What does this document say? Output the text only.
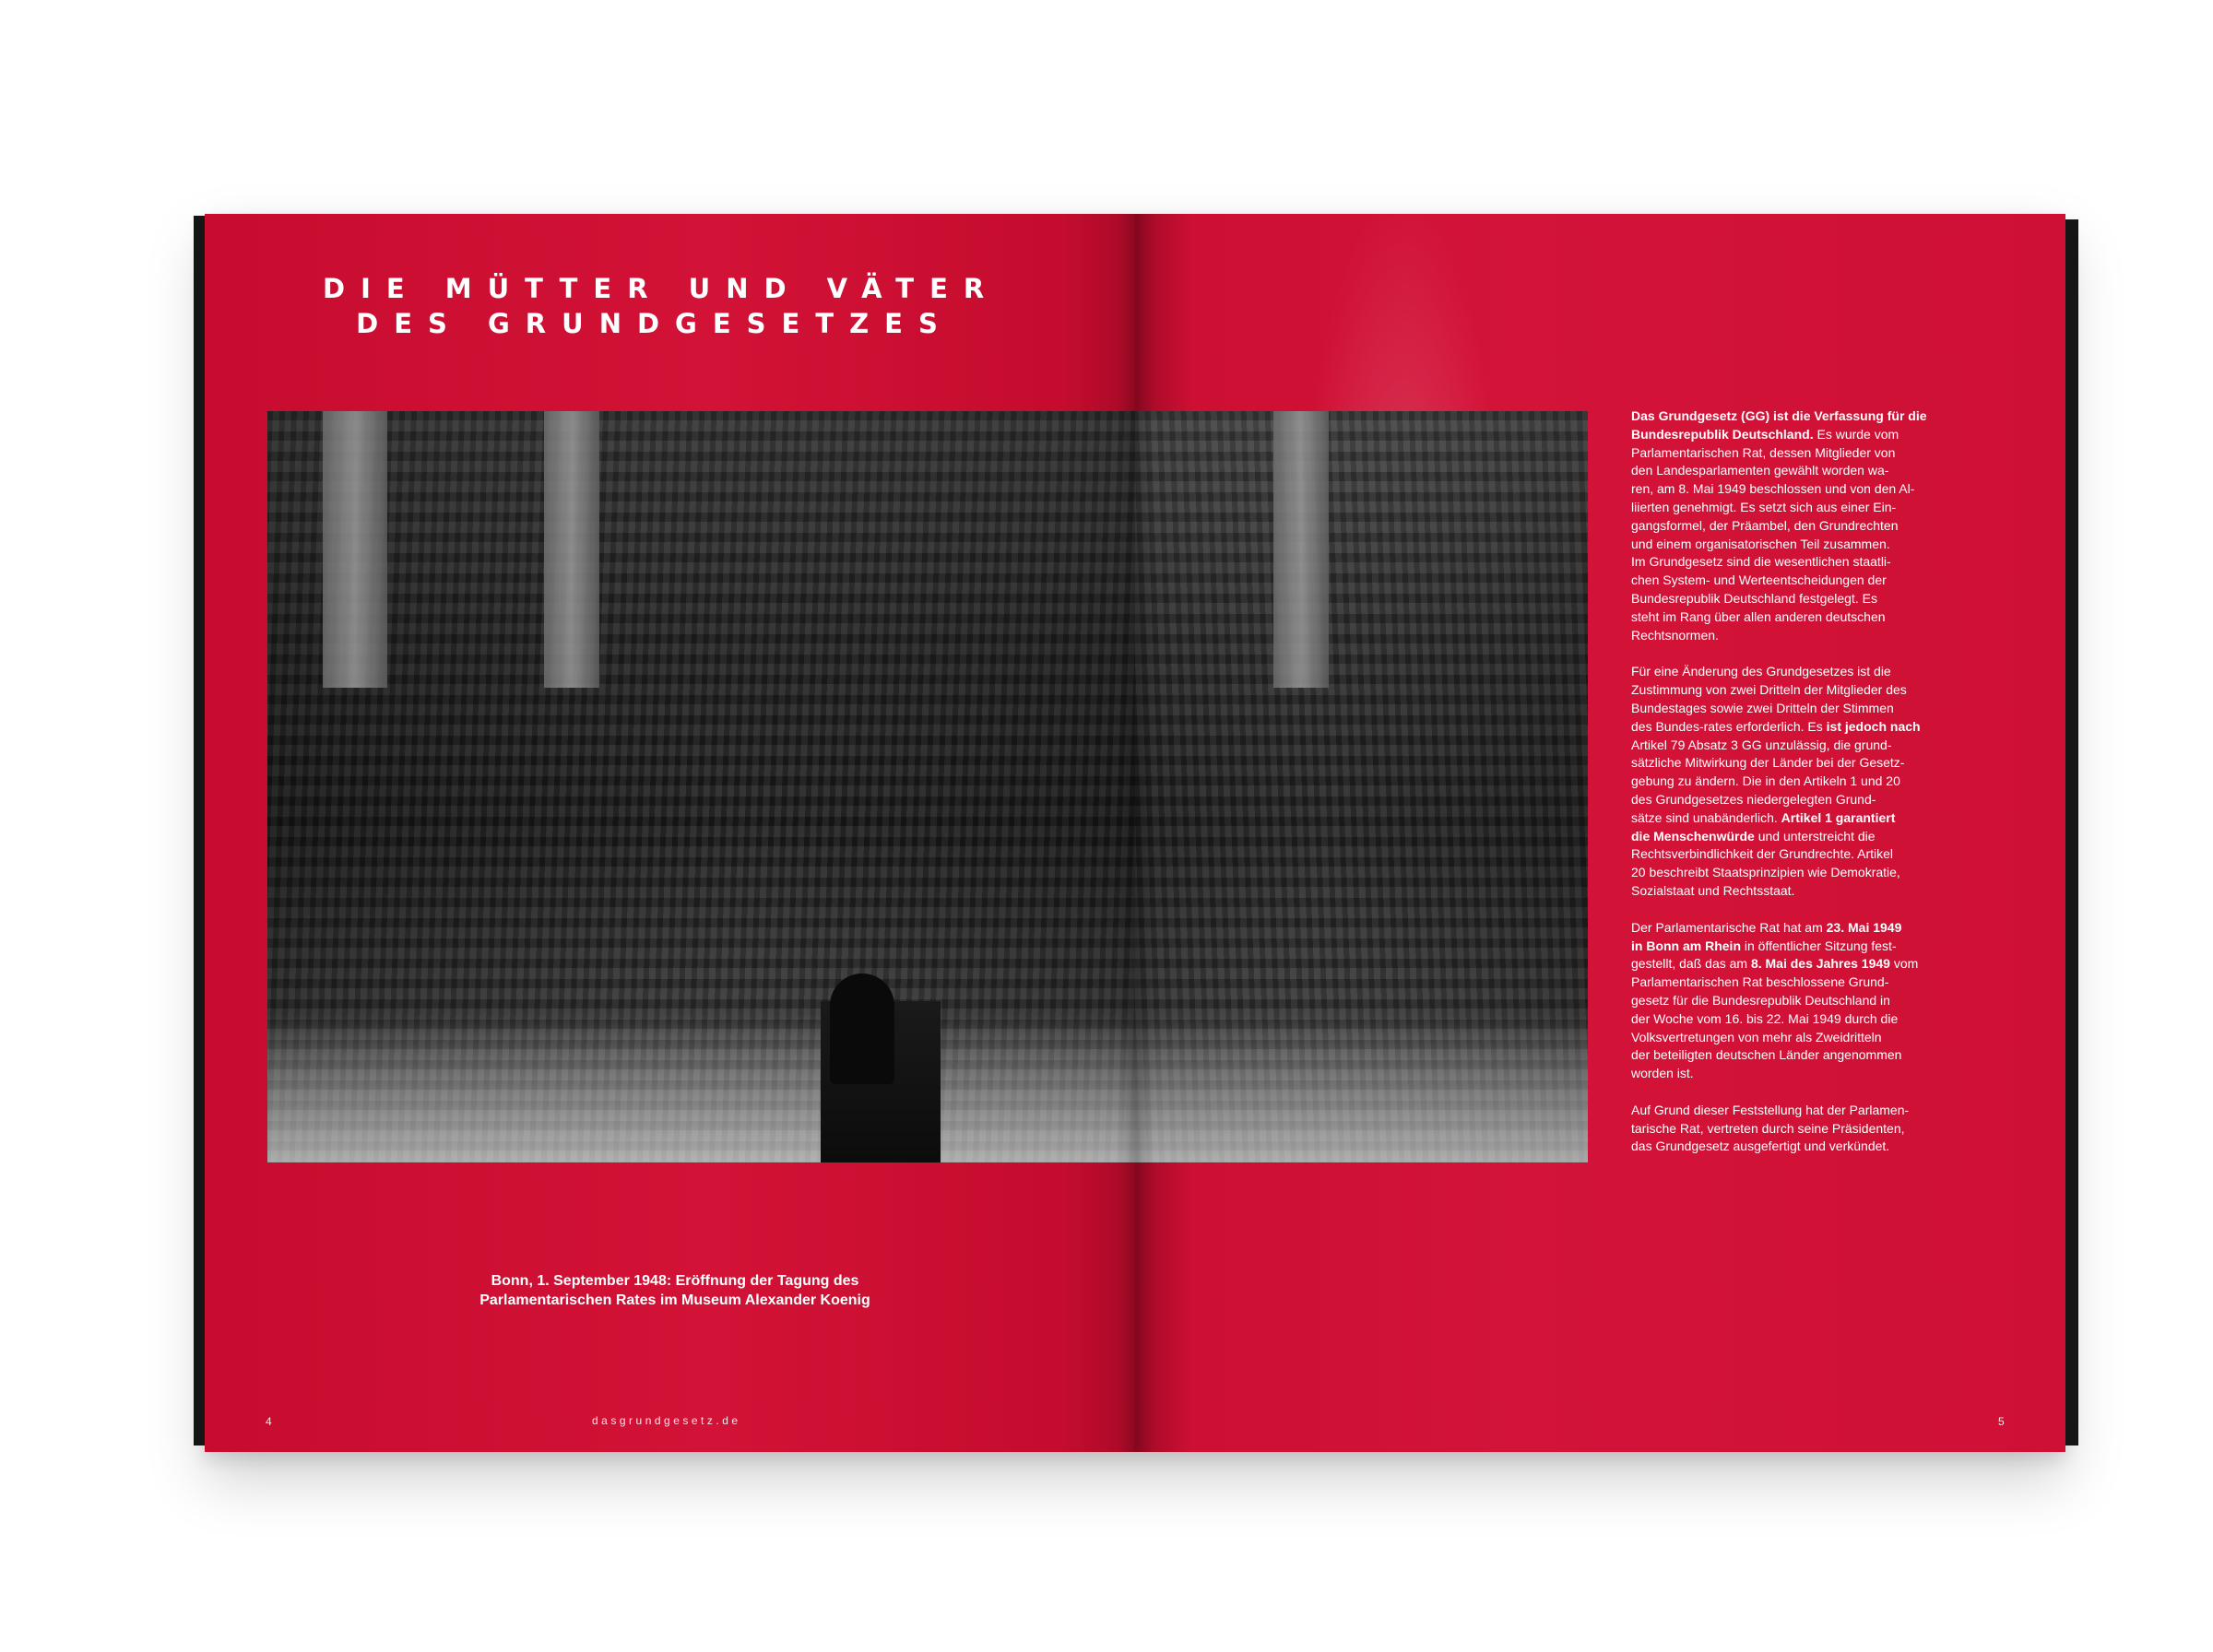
DIE MÜTTER UND VÄTER
DES GRUNDGESETZES
Bonn, 1. September 1948: Eröffnung der Tagung des
Parlamentarischen Rates im Museum Alexander Koenig
4	dasgrundgesetz.de
Das Grundgesetz (GG) ist die Verfassung für die
Bundesrepublik Deutschland. Es wurde vom
Parlamentarischen Rat, dessen Mitglieder von
den Landesparlamenten gewählt worden wa-
ren, am 8. Mai 1949 beschlossen und von den Al-
liierten genehmigt. Es setzt sich aus einer Ein-
gangsformel, der Präambel, den Grundrechten
und einem organisatorischen Teil zusammen.
Im Grundgesetz sind die wesentlichen staatli-
chen System- und Werteentscheidungen der
Bundesrepublik Deutschland festgelegt. Es
steht im Rang über allen anderen deutschen
Rechtsnormen.
Für eine Änderung des Grundgesetzes ist die
Zustimmung von zwei Dritteln der Mitglieder des
Bundestages sowie zwei Dritteln der Stimmen
des Bundes-rates erforderlich. Es ist jedoch nach
Artikel 79 Absatz 3 GG unzulässig, die grund-
sätzliche Mitwirkung der Länder bei der Gesetz-
gebung zu ändern. Die in den Artikeln 1 und 20
des Grundgesetzes niedergelegten Grund-
sätze sind unabänderlich. Artikel 1 garantiert
die Menschenwürde und unterstreicht die
Rechtsverbindlichkeit der Grundrechte. Artikel
20 beschreibt Staatsprinzipien wie Demokratie,
Sozialstaat und Rechtsstaat.
Der Parlamentarische Rat hat am 23. Mai 1949
in Bonn am Rhein in öffentlicher Sitzung fest-
gestellt, daß das am 8. Mai des Jahres 1949 vom
Parlamentarischen Rat beschlossene Grund-
gesetz für die Bundesrepublik Deutschland in
der Woche vom 16. bis 22. Mai 1949 durch die
Volksvertretungen von mehr als Zweidritteln
der beteiligten deutschen Länder angenommen
worden ist.
Auf Grund dieser Feststellung hat der Parlamen-
tarische Rat, vertreten durch seine Präsidenten,
das Grundgesetz ausgefertigt und verkündet.
5
